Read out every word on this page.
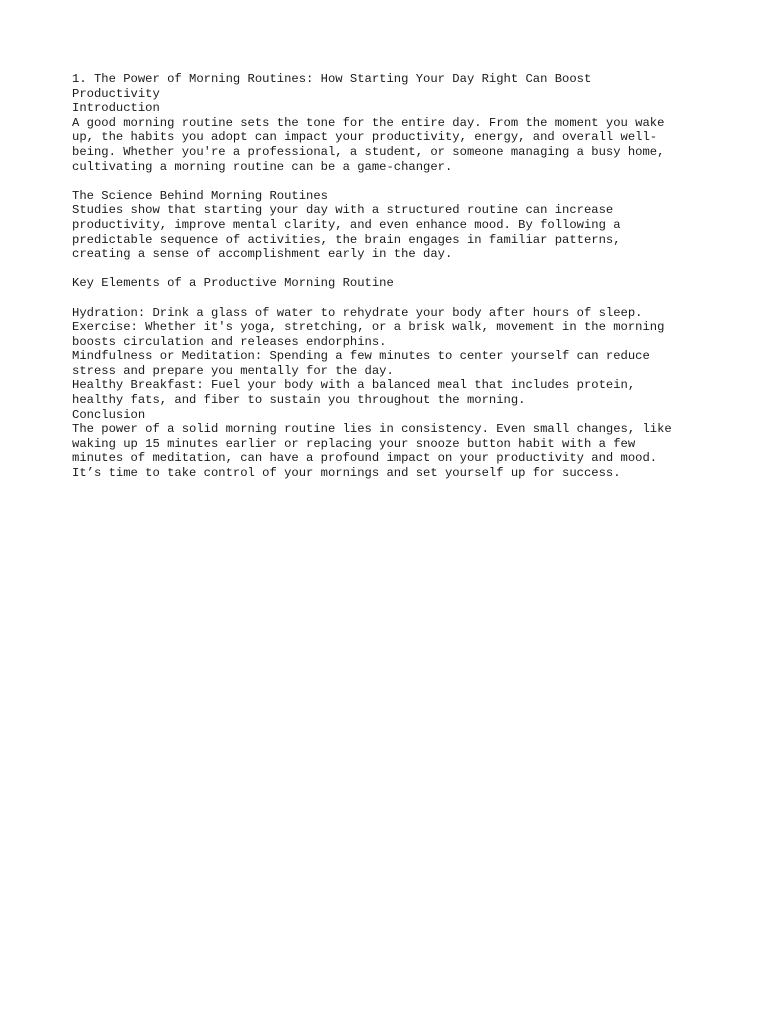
1. The Power of Morning Routines: How Starting Your Day Right Can Boost
Productivity
Introduction
A good morning routine sets the tone for the entire day. From the moment you wake
up, the habits you adopt can impact your productivity, energy, and overall well-
being. Whether you're a professional, a student, or someone managing a busy home,
cultivating a morning routine can be a game-changer.
The Science Behind Morning Routines
Studies show that starting your day with a structured routine can increase
productivity, improve mental clarity, and even enhance mood. By following a
predictable sequence of activities, the brain engages in familiar patterns,
creating a sense of accomplishment early in the day.
Key Elements of a Productive Morning Routine
Hydration: Drink a glass of water to rehydrate your body after hours of sleep.
Exercise: Whether it's yoga, stretching, or a brisk walk, movement in the morning
boosts circulation and releases endorphins.
Mindfulness or Meditation: Spending a few minutes to center yourself can reduce
stress and prepare you mentally for the day.
Healthy Breakfast: Fuel your body with a balanced meal that includes protein,
healthy fats, and fiber to sustain you throughout the morning.
Conclusion
The power of a solid morning routine lies in consistency. Even small changes, like
waking up 15 minutes earlier or replacing your snooze button habit with a few
minutes of meditation, can have a profound impact on your productivity and mood.
It’s time to take control of your mornings and set yourself up for success.
